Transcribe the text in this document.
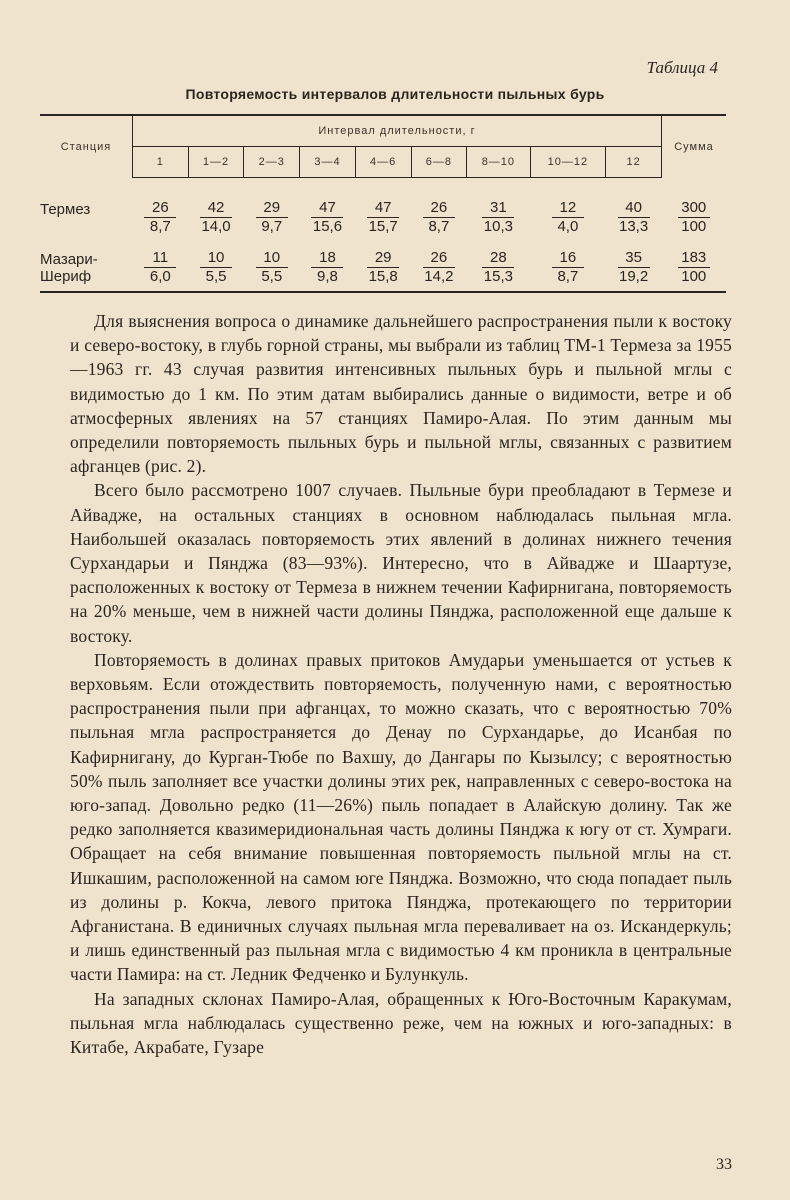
Таблица 4
Повторяемость интервалов длительности пыльных бурь
Станция	Интервал длительности, г									Сумма
	1	1—2	2—3	3—4	4—6	6—8	8—10	10—12	12	
Термез	26	42	29	47	47	26	31	12	40	300
	8,7	14,0	9,7	15,6	15,7	8,7	10,3	4,0	13,3	100

Мазари-	11	10	10	18	29	26	28	16	35	183
Шериф	6,0	5,5	5,5	9,8	15,8	14,2	15,3	8,7	19,2	100

Для выяснения вопроса о динамике дальнейшего распространения пыли к востоку и северо-востоку, в глубь горной страны, мы выбрали из таблиц ТМ-1 Термеза за 1955—1963 гг. 43 случая развития интенсивных пыльных бурь и пыльной мглы с видимостью до 1 км. По этим датам выбирались данные о видимости, ветре и об атмосферных явлениях на 57 станциях Памиро-Алая. По этим данным мы определили повторяемость пыльных бурь и пыльной мглы, связанных с развитием афганцев (рис. 2).

Всего было рассмотрено 1007 случаев. Пыльные бури преобладают в Термезе и Айвадже, на остальных станциях в основном наблюдалась пыльная мгла. Наибольшей оказалась повторяемость этих явлений в долинах нижнего течения Сурхандарьи и Пянджа (83—93%). Интересно, что в Айвадже и Шаартузе, расположенных к востоку от Термеза в нижнем течении Кафирнигана, повторяемость на 20% меньше, чем в нижней части долины Пянджа, расположенной еще дальше к востоку.

Повторяемость в долинах правых притоков Амударьи уменьшается от устьев к верховьям. Если отождествить повторяемость, полученную нами, с вероятностью распространения пыли при афганцах, то можно сказать, что с вероятностью 70% пыльная мгла распространяется до Денау по Сурхандарье, до Исанбая по Кафирнигану, до Курган-Тюбе по Вахшу, до Дангары по Кызылсу; с вероятностью 50% пыль заполняет все участки долины этих рек, направленных с северо-востока на юго-запад. Довольно редко (11—26%) пыль попадает в Алайскую долину. Так же редко заполняется квазимеридиональная часть долины Пянджа к югу от ст. Хумраги. Обращает на себя внимание повышенная повторяемость пыльной мглы на ст. Ишкашим, расположенной на самом юге Пянджа. Возможно, что сюда попадает пыль из долины р. Кокча, левого притока Пянджа, протекающего по территории Афганистана. В единичных случаях пыльная мгла переваливает на оз. Искандеркуль; и лишь единственный раз пыльная мгла с видимостью 4 км проникла в центральные части Памира: на ст. Ледник Федченко и Булункуль.

На западных склонах Памиро-Алая, обращенных к Юго-Восточным Каракумам, пыльная мгла наблюдалась существенно реже, чем на южных и юго-западных: в Китабе, Акрабате, Гузаре

33
